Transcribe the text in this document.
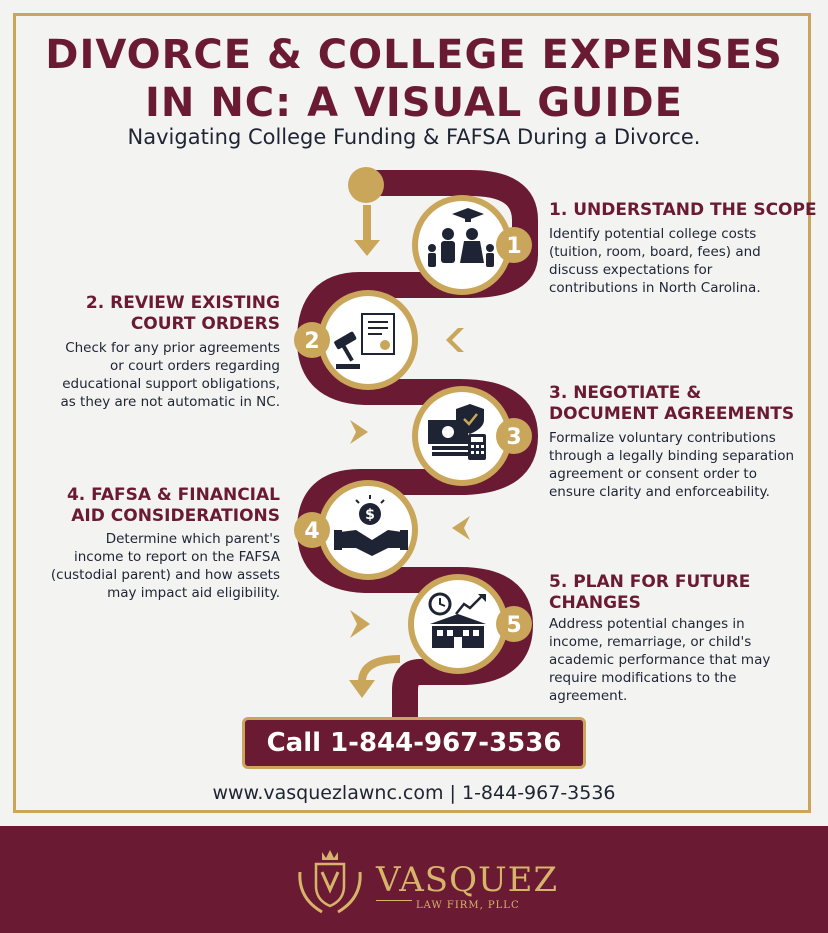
DIVORCE & COLLEGE EXPENSES
IN NC: A VISUAL GUIDE
Navigating College Funding & FAFSA During a Divorce.
1
2
3
4
5
$
1. UNDERSTAND THE SCOPE
Identify potential college costs
(tuition, room, board, fees) and
discuss expectations for
contributions in North Carolina.
2. REVIEW EXISTING
COURT ORDERS
Check for any prior agreements
or court orders regarding
educational support obligations,
as they are not automatic in NC.	3. NEGOTIATE &
DOCUMENT AGREEMENTS
Formalize voluntary contributions
through a legally binding separation
agreement or consent order to
ensure clarity and enforceability.
4. FAFSA & FINANCIAL
AID CONSIDERATIONS
Determine which parent's
income to report on the FAFSA
(custodial parent) and how assets
may impact aid eligibility.
5. PLAN FOR FUTURE
CHANGES
Address potential changes in
income, remarriage, or child's
academic performance that may
require modifications to the
agreement.
Call 1-844-967-3536
www.vasquezlawnc.com | 1-844-967-3536
VASQUEZ
LAW FIRM, PLLC
